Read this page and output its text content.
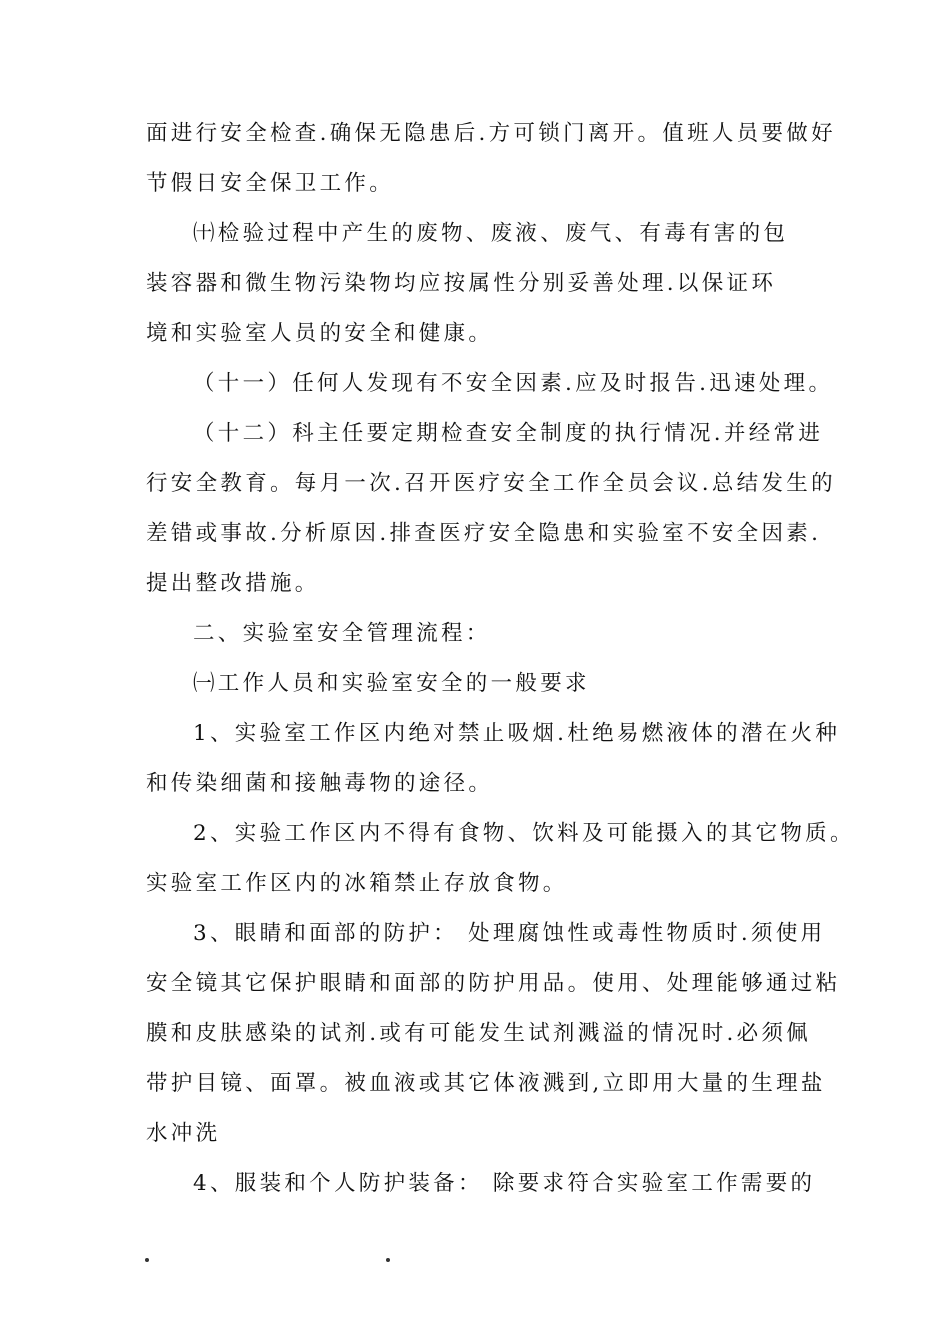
面进行安全检查.确保无隐患后.方可锁门离开。值班人员要做好
节假日安全保卫工作。
㈩检验过程中产生的废物、废液、废气、有毒有害的包
装容器和微生物污染物均应按属性分别妥善处理.以保证环
境和实验室人员的安全和健康。
（十一）任何人发现有不安全因素.应及时报告.迅速处理。
（十二）科主任要定期检查安全制度的执行情况.并经常进
行安全教育。每月一次.召开医疗安全工作全员会议.总结发生的
差错或事故.分析原因.排查医疗安全隐患和实验室不安全因素.
提出整改措施。
二、实验室安全管理流程：
㈠工作人员和实验室安全的一般要求
1、实验室工作区内绝对禁止吸烟.杜绝易燃液体的潜在火种
和传染细菌和接触毒物的途径。
2、实验工作区内不得有食物、饮料及可能摄入的其它物质。
实验室工作区内的冰箱禁止存放食物。
3、眼睛和面部的防护： 处理腐蚀性或毒性物质时.须使用
安全镜其它保护眼睛和面部的防护用品。使用、处理能够通过粘
膜和皮肤感染的试剂.或有可能发生试剂溅溢的情况时.必须佩
带护目镜、面罩。被血液或其它体液溅到,立即用大量的生理盐
水冲洗
4、服装和个人防护装备： 除要求符合实验室工作需要的
